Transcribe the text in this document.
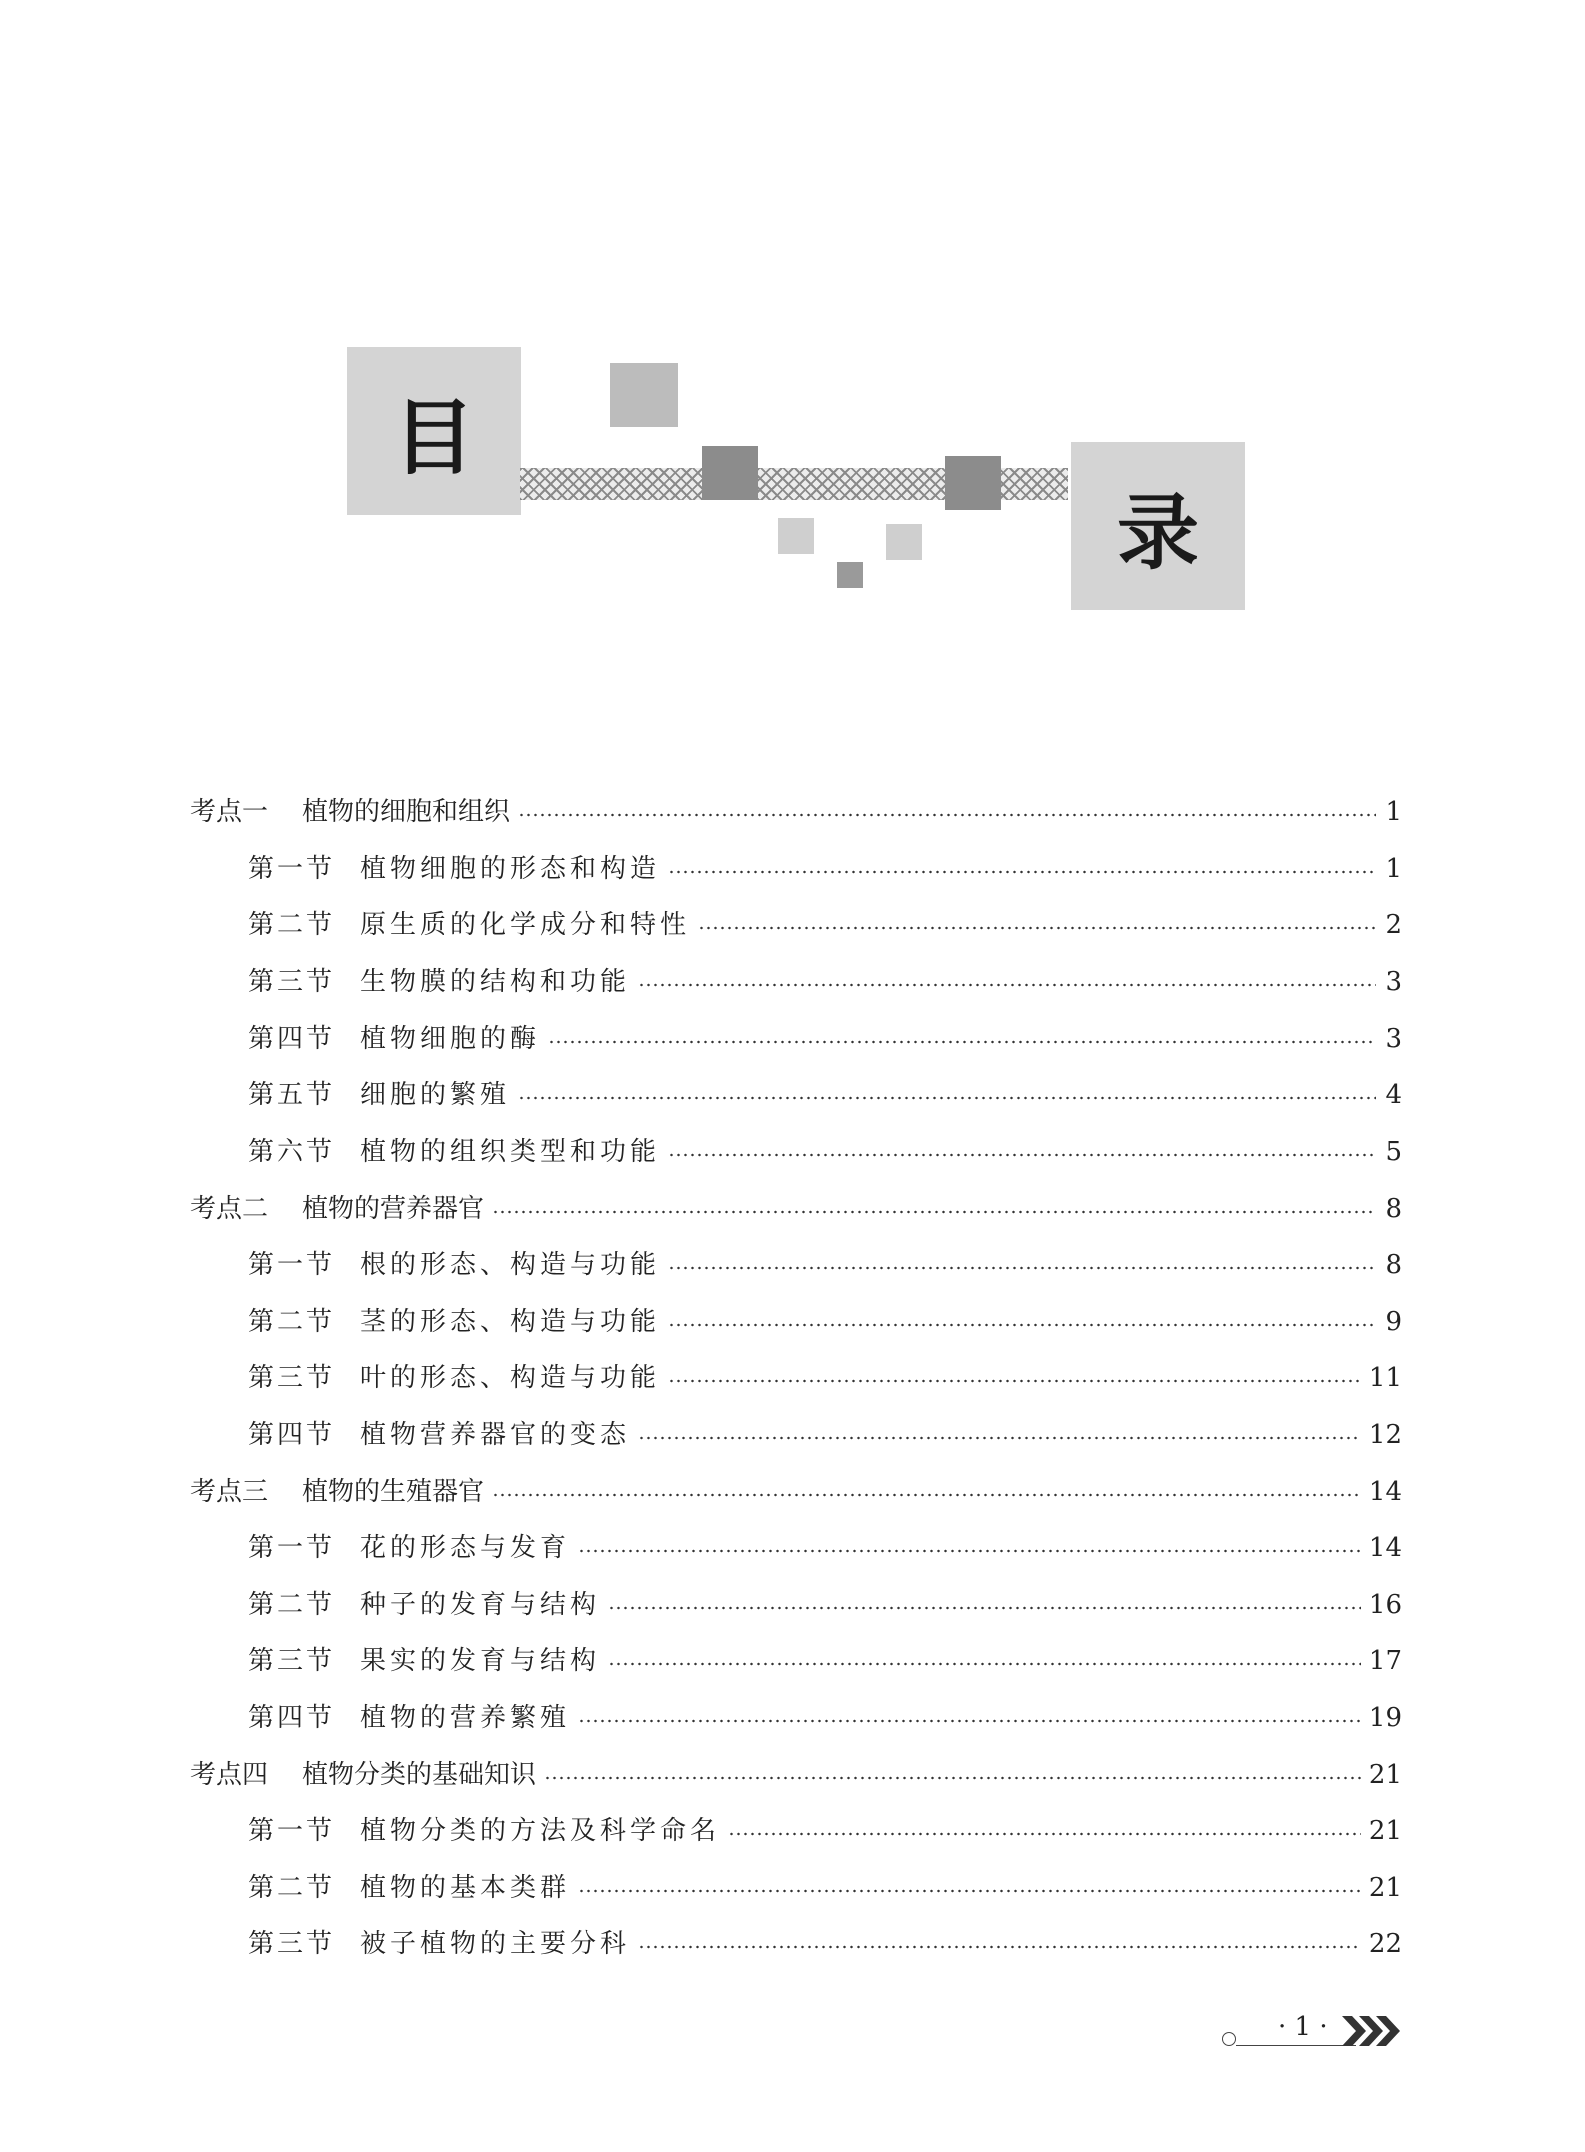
目
录
考点一	植物的细胞和组织	1
第一节 植物细胞的形态和构造	1
第二节 原生质的化学成分和特性	2
第三节 生物膜的结构和功能	3
第四节 植物细胞的酶	3
第五节 细胞的繁殖	4
第六节 植物的组织类型和功能	5
考点二	植物的营养器官	8
第一节 根的形态、构造与功能	8
第二节 茎的形态、构造与功能	9
第三节 叶的形态、构造与功能	11
第四节 植物营养器官的变态	12
考点三	植物的生殖器官	14
第一节 花的形态与发育	14
第二节 种子的发育与结构	16
第三节 果实的发育与结构	17
第四节 植物的营养繁殖	19
考点四	植物分类的基础知识	21
第一节 植物分类的方法及科学命名	21
第二节 植物的基本类群	21
第三节 被子植物的主要分科	22
· 1 ·
